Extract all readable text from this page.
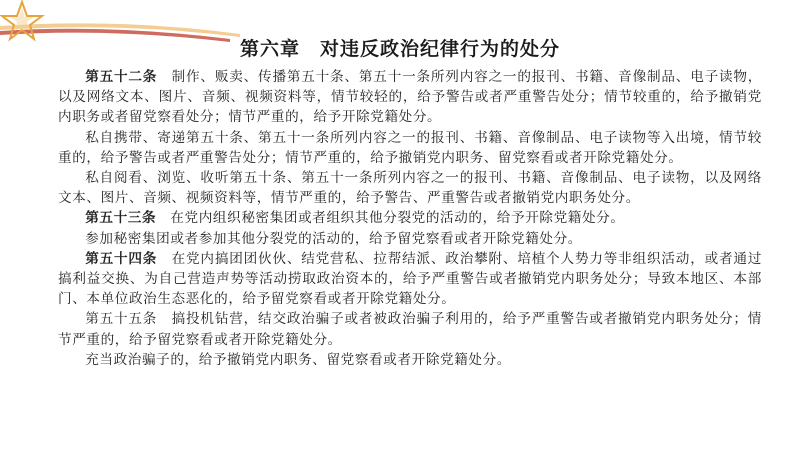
第六章　对违反政治纪律行为的处分

第五十二条　制作、贩卖、传播第五十条、第五十一条所列内容之一的报刊、书籍、音像制品、电子读物，以及网络文本、图片、音频、视频资料等，情节较轻的，给予警告或者严重警告处分；情节较重的，给予撤销党内职务或者留党察看处分；情节严重的，给予开除党籍处分。

私自携带、寄递第五十条、第五十一条所列内容之一的报刊、书籍、音像制品、电子读物等入出境，情节较重的，给予警告或者严重警告处分；情节严重的，给予撤销党内职务、留党察看或者开除党籍处分。

私自阅看、浏览、收听第五十条、第五十一条所列内容之一的报刊、书籍、音像制品、电子读物，以及网络文本、图片、音频、视频资料等，情节严重的，给予警告、严重警告或者撤销党内职务处分。

第五十三条　在党内组织秘密集团或者组织其他分裂党的活动的，给予开除党籍处分。

参加秘密集团或者参加其他分裂党的活动的，给予留党察看或者开除党籍处分。

第五十四条　在党内搞团团伙伙、结党营私、拉帮结派、政治攀附、培植个人势力等非组织活动，或者通过搞利益交换、为自己营造声势等活动捞取政治资本的，给予严重警告或者撤销党内职务处分；导致本地区、本部门、本单位政治生态恶化的，给予留党察看或者开除党籍处分。

第五十五条　搞投机钻营，结交政治骗子或者被政治骗子利用的，给予严重警告或者撤销党内职务处分；情节严重的，给予留党察看或者开除党籍处分。

充当政治骗子的，给予撤销党内职务、留党察看或者开除党籍处分。
